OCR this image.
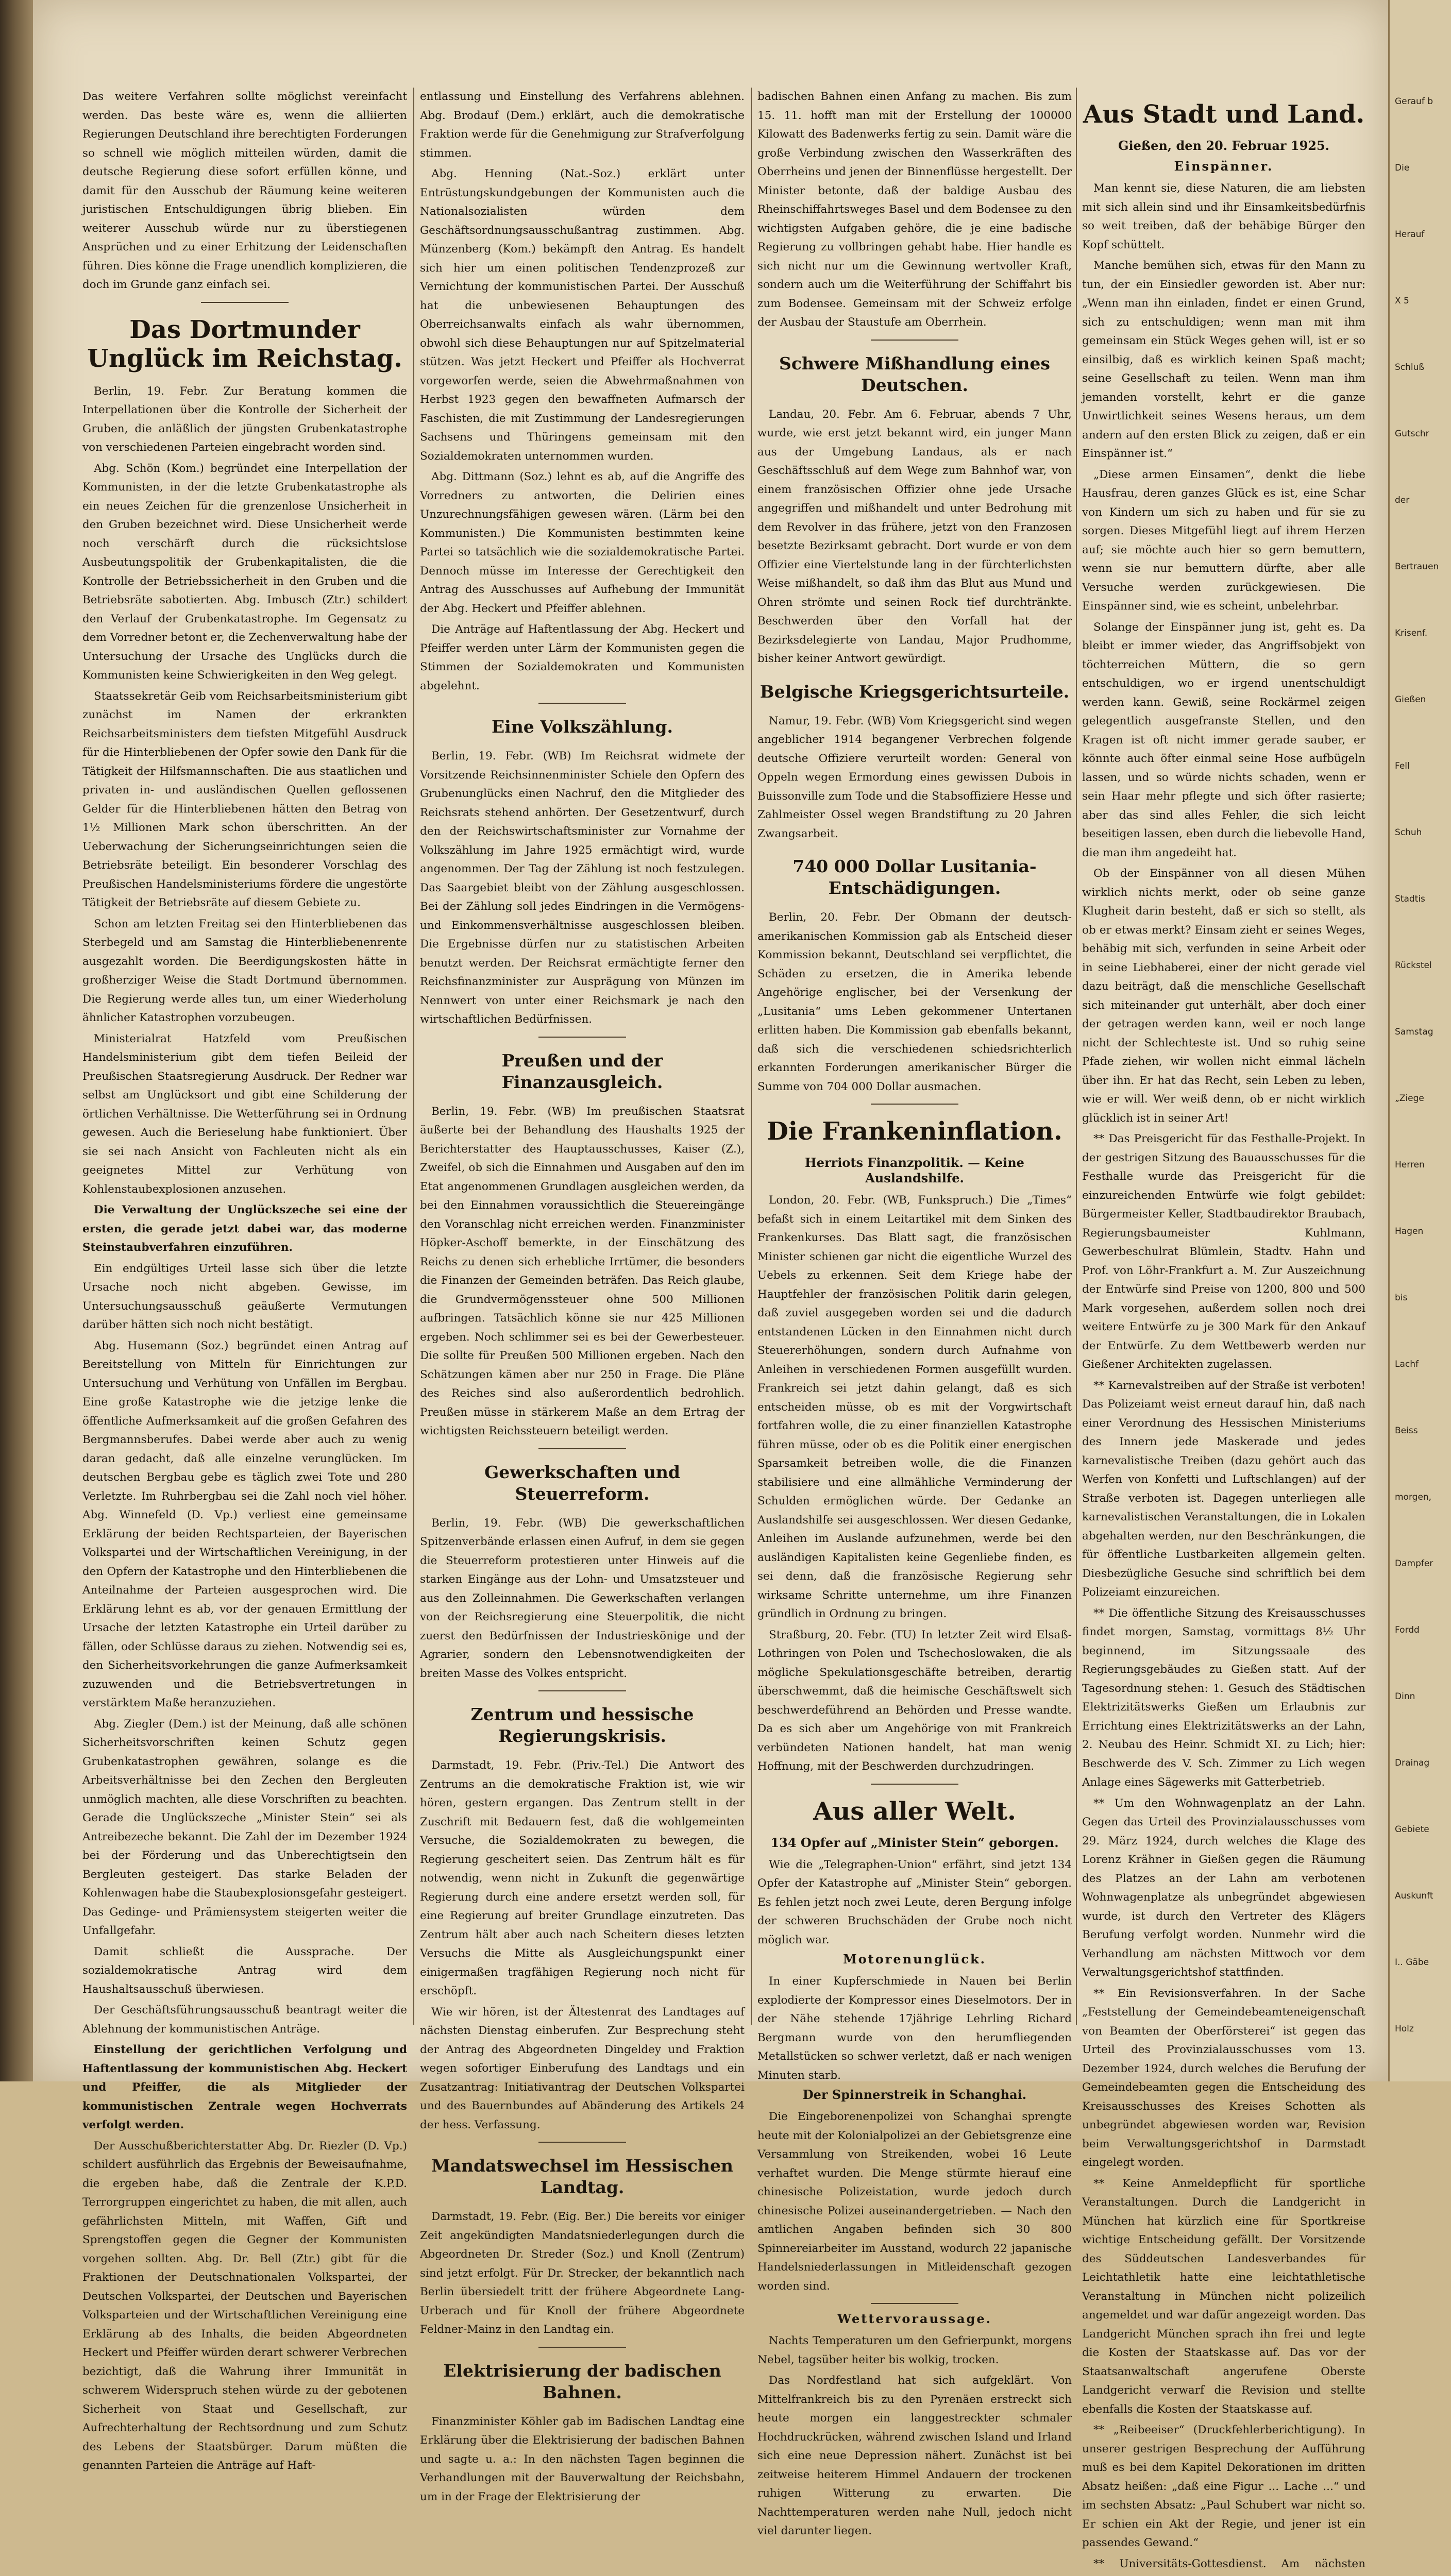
Das weitere Verfahren sollte möglichst vereinfacht werden. Das beste wäre es, wenn die alliierten Regierungen Deutschland ihre berechtigten Forderungen so schnell wie möglich mitteilen würden, damit die deutsche Regierung diese sofort erfüllen könne, und damit für den Ausschub der Räumung keine weiteren juristischen Entschuldigungen übrig blieben. Ein weiterer Ausschub würde nur zu überstiegenen Ansprüchen und zu einer Erhitzung der Leidenschaften führen. Dies könne die Frage unendlich komplizieren, die doch im Grunde ganz einfach sei.

Das Dortmunder Unglück im Reichstag.

Berlin, 19. Febr. Zur Beratung kommen die Interpellationen über die Kontrolle der Sicherheit der Gruben, die anläßlich der jüngsten Grubenkatastrophe von verschiedenen Parteien eingebracht worden sind.

Abg. Schön (Kom.) begründet eine Interpellation der Kommunisten, in der die letzte Grubenkatastrophe als ein neues Zeichen für die grenzenlose Unsicherheit in den Gruben bezeichnet wird. Diese Unsicherheit werde noch verschärft durch die rücksichtslose Ausbeutungspolitik der Grubenkapitalisten, die die Kontrolle der Betriebssicherheit in den Gruben und die Betriebsräte sabotierten. Abg. Imbusch (Ztr.) schildert den Verlauf der Grubenkatastrophe. Im Gegensatz zu dem Vorredner betont er, die Zechenverwaltung habe der Untersuchung der Ursache des Unglücks durch die Kommunisten keine Schwierigkeiten in den Weg gelegt.

Staatssekretär Geib vom Reichsarbeitsministerium gibt zunächst im Namen der erkrankten Reichsarbeitsministers dem tiefsten Mitgefühl Ausdruck für die Hinterbliebenen der Opfer sowie den Dank für die Tätigkeit der Hilfsmannschaften. Die aus staatlichen und privaten in- und ausländischen Quellen geflossenen Gelder für die Hinterbliebenen hätten den Betrag von 1½ Millionen Mark schon überschritten. An der Ueberwachung der Sicherungseinrichtungen seien die Betriebsräte beteiligt. Ein besonderer Vorschlag des Preußischen Handelsministeriums fördere die ungestörte Tätigkeit der Betriebsräte auf diesem Gebiete zu.

Schon am letzten Freitag sei den Hinterbliebenen das Sterbegeld und am Samstag die Hinterbliebenenrente ausgezahlt worden. Die Beerdigungskosten hätte in großherziger Weise die Stadt Dortmund übernommen. Die Regierung werde alles tun, um einer Wiederholung ähnlicher Katastrophen vorzubeugen.

Ministerialrat Hatzfeld vom Preußischen Handelsministerium gibt dem tiefen Beileid der Preußischen Staatsregierung Ausdruck. Der Redner war selbst am Unglücksort und gibt eine Schilderung der örtlichen Verhältnisse. Die Wetterführung sei in Ordnung gewesen. Auch die Berieselung habe funktioniert. Über sie sei nach Ansicht von Fachleuten nicht als ein geeignetes Mittel zur Verhütung von Kohlenstaubexplosionen anzusehen.

Die Verwaltung der Unglückszeche sei eine der ersten, die gerade jetzt dabei war, das moderne Steinstaubverfahren einzuführen.

Ein endgültiges Urteil lasse sich über die letzte Ursache noch nicht abgeben. Gewisse, im Untersuchungsausschuß geäußerte Vermutungen darüber hätten sich noch nicht bestätigt.

Abg. Husemann (Soz.) begründet einen Antrag auf Bereitstellung von Mitteln für Einrichtungen zur Untersuchung und Verhütung von Unfällen im Bergbau. Eine große Katastrophe wie die jetzige lenke die öffentliche Aufmerksamkeit auf die großen Gefahren des Bergmannsberufes. Dabei werde aber auch zu wenig daran gedacht, daß alle einzelne verunglücken. Im deutschen Bergbau gebe es täglich zwei Tote und 280 Verletzte. Im Ruhrbergbau sei die Zahl noch viel höher. Abg. Winnefeld (D. Vp.) verliest eine gemeinsame Erklärung der beiden Rechtsparteien, der Bayerischen Volkspartei und der Wirtschaftlichen Vereinigung, in der den Opfern der Katastrophe und den Hinterbliebenen die Anteilnahme der Parteien ausgesprochen wird. Die Erklärung lehnt es ab, vor der genauen Ermittlung der Ursache der letzten Katastrophe ein Urteil darüber zu fällen, oder Schlüsse daraus zu ziehen. Notwendig sei es, den Sicherheitsvorkehrungen die ganze Aufmerksamkeit zuzuwenden und die Betriebsvertretungen in verstärktem Maße heranzuziehen.

Abg. Ziegler (Dem.) ist der Meinung, daß alle schönen Sicherheitsvorschriften keinen Schutz gegen Grubenkatastrophen gewähren, solange es die Arbeitsverhältnisse bei den Zechen den Bergleuten unmöglich machten, alle diese Vorschriften zu beachten. Gerade die Unglückszeche „Minister Stein“ sei als Antreibezeche bekannt. Die Zahl der im Dezember 1924 bei der Förderung und das Unberechtigtsein den Bergleuten gesteigert. Das starke Beladen der Kohlenwagen habe die Staubexplosionsgefahr gesteigert. Das Gedinge- und Prämiensystem steigerten weiter die Unfallgefahr.

Damit schließt die Aussprache. Der sozialdemokratische Antrag wird dem Haushaltsausschuß überwiesen.

Der Geschäftsführungsausschuß beantragt weiter die Ablehnung der kommunistischen Anträge.

Einstellung der gerichtlichen Verfolgung und Haftentlassung der kommunistischen Abg. Heckert und Pfeiffer, die als Mitglieder der kommunistischen Zentrale wegen Hochverrats verfolgt werden.

Der Ausschußberichterstatter Abg. Dr. Riezler (D. Vp.) schildert ausführlich das Ergebnis der Beweisaufnahme, die ergeben habe, daß die Zentrale der K.P.D. Terrorgruppen eingerichtet zu haben, die mit allen, auch gefährlichsten Mitteln, mit Waffen, Gift und Sprengstoffen gegen die Gegner der Kommunisten vorgehen sollten. Abg. Dr. Bell (Ztr.) gibt für die Fraktionen der Deutschnationalen Volkspartei, der Deutschen Volkspartei, der Deutschen und Bayerischen Volksparteien und der Wirtschaftlichen Vereinigung eine Erklärung ab des Inhalts, die beiden Abgeordneten Heckert und Pfeiffer würden derart schwerer Verbrechen bezichtigt, daß die Wahrung ihrer Immunität in schwerem Widerspruch stehen würde zu der gebotenen Sicherheit von Staat und Gesellschaft, zur Aufrechterhaltung der Rechtsordnung und zum Schutz des Lebens der Staatsbürger. Darum müßten die genannten Parteien die Anträge auf Haft-

entlassung und Einstellung des Verfahrens ablehnen. Abg. Brodauf (Dem.) erklärt, auch die demokratische Fraktion werde für die Genehmigung zur Strafverfolgung stimmen.

Abg. Henning (Nat.-Soz.) erklärt unter Entrüstungskundgebungen der Kommunisten auch die Nationalsozialisten würden dem Geschäftsordnungsausschußantrag zustimmen. Abg. Münzenberg (Kom.) bekämpft den Antrag. Es handelt sich hier um einen politischen Tendenzprozeß zur Vernichtung der kommunistischen Partei. Der Ausschuß hat die unbewiesenen Behauptungen des Oberreichsanwalts einfach als wahr übernommen, obwohl sich diese Behauptungen nur auf Spitzelmaterial stützen. Was jetzt Heckert und Pfeiffer als Hochverrat vorgeworfen werde, seien die Abwehrmaßnahmen von Herbst 1923 gegen den bewaffneten Aufmarsch der Faschisten, die mit Zustimmung der Landesregierungen Sachsens und Thüringens gemeinsam mit den Sozialdemokraten unternommen wurden.

Abg. Dittmann (Soz.) lehnt es ab, auf die Angriffe des Vorredners zu antworten, die Delirien eines Unzurechnungsfähigen gewesen wären. (Lärm bei den Kommunisten.) Die Kommunisten bestimmten keine Partei so tatsächlich wie die sozialdemokratische Partei. Dennoch müsse im Interesse der Gerechtigkeit den Antrag des Ausschusses auf Aufhebung der Immunität der Abg. Heckert und Pfeiffer ablehnen.

Die Anträge auf Haftentlassung der Abg. Heckert und Pfeiffer werden unter Lärm der Kommunisten gegen die Stimmen der Sozialdemokraten und Kommunisten abgelehnt.

Eine Volkszählung.

Berlin, 19. Febr. (WB) Im Reichsrat widmete der Vorsitzende Reichsinnenminister Schiele den Opfern des Grubenunglücks einen Nachruf, den die Mitglieder des Reichsrats stehend anhörten. Der Gesetzentwurf, durch den der Reichswirtschaftsminister zur Vornahme der Volkszählung im Jahre 1925 ermächtigt wird, wurde angenommen. Der Tag der Zählung ist noch festzulegen. Das Saargebiet bleibt von der Zählung ausgeschlossen. Bei der Zählung soll jedes Eindringen in die Vermögens- und Einkommensverhältnisse ausgeschlossen bleiben. Die Ergebnisse dürfen nur zu statistischen Arbeiten benutzt werden. Der Reichsrat ermächtigte ferner den Reichsfinanzminister zur Ausprägung von Münzen im Nennwert von unter einer Reichsmark je nach den wirtschaftlichen Bedürfnissen.

Preußen und der Finanzausgleich.

Berlin, 19. Febr. (WB) Im preußischen Staatsrat äußerte bei der Behandlung des Haushalts 1925 der Berichterstatter des Hauptausschusses, Kaiser (Z.), Zweifel, ob sich die Einnahmen und Ausgaben auf den im Etat angenommenen Grundlagen ausgleichen werden, da bei den Einnahmen voraussichtlich die Steuereingänge den Voranschlag nicht erreichen werden. Finanzminister Höpker-Aschoff bemerkte, in der Einschätzung des Reichs zu denen sich erhebliche Irrtümer, die besonders die Finanzen der Gemeinden beträfen. Das Reich glaube, die Grundvermögenssteuer ohne 500 Millionen aufbringen. Tatsächlich könne sie nur 425 Millionen ergeben. Noch schlimmer sei es bei der Gewerbesteuer. Die sollte für Preußen 500 Millionen ergeben. Nach den Schätzungen kämen aber nur 250 in Frage. Die Pläne des Reiches sind also außerordentlich bedrohlich. Preußen müsse in stärkerem Maße an dem Ertrag der wichtigsten Reichssteuern beteiligt werden.

Gewerkschaften und Steuerreform.

Berlin, 19. Febr. (WB) Die gewerkschaftlichen Spitzenverbände erlassen einen Aufruf, in dem sie gegen die Steuerreform protestieren unter Hinweis auf die starken Eingänge aus der Lohn- und Umsatzsteuer und aus den Zolleinnahmen. Die Gewerkschaften verlangen von der Reichsregierung eine Steuerpolitik, die nicht zuerst den Bedürfnissen der Industrieskönige und der Agrarier, sondern den Lebensnotwendigkeiten der breiten Masse des Volkes entspricht.

Zentrum und hessische Regierungskrisis.

Darmstadt, 19. Febr. (Priv.-Tel.) Die Antwort des Zentrums an die demokratische Fraktion ist, wie wir hören, gestern ergangen. Das Zentrum stellt in der Zuschrift mit Bedauern fest, daß die wohlgemeinten Versuche, die Sozialdemokraten zu bewegen, die Regierung gescheitert seien. Das Zentrum hält es für notwendig, wenn nicht in Zukunft die gegenwärtige Regierung durch eine andere ersetzt werden soll, für eine Regierung auf breiter Grundlage einzutreten. Das Zentrum hält aber auch nach Scheitern dieses letzten Versuchs die Mitte als Ausgleichungspunkt einer einigermaßen tragfähigen Regierung noch nicht für erschöpft.

Wie wir hören, ist der Ältestenrat des Landtages auf nächsten Dienstag einberufen. Zur Besprechung steht der Antrag des Abgeordneten Dingeldey und Fraktion wegen sofortiger Einberufung des Landtags und ein Zusatzantrag: Initiativantrag der Deutschen Volkspartei und des Bauernbundes auf Abänderung des Artikels 24 der hess. Verfassung.

Mandatswechsel im Hessischen Landtag.

Darmstadt, 19. Febr. (Eig. Ber.) Die bereits vor einiger Zeit angekündigten Mandatsniederlegungen durch die Abgeordneten Dr. Streder (Soz.) und Knoll (Zentrum) sind jetzt erfolgt. Für Dr. Strecker, der bekanntlich nach Berlin übersiedelt tritt der frühere Abgeordnete Lang-Urberach und für Knoll der frühere Abgeordnete Feldner-Mainz in den Landtag ein.

Elektrisierung der badischen Bahnen.

Finanzminister Köhler gab im Badischen Landtag eine Erklärung über die Elektrisierung der badischen Bahnen und sagte u. a.: In den nächsten Tagen beginnen die Verhandlungen mit der Bauverwaltung der Reichsbahn, um in der Frage der Elektrisierung der

badischen Bahnen einen Anfang zu machen. Bis zum 15. 11. hofft man mit der Erstellung der 100000 Kilowatt des Badenwerks fertig zu sein. Damit wäre die große Verbindung zwischen den Wasserkräften des Oberrheins und jenen der Binnenflüsse hergestellt. Der Minister betonte, daß der baldige Ausbau des Rheinschiffahrtsweges Basel und dem Bodensee zu den wichtigsten Aufgaben gehöre, die je eine badische Regierung zu vollbringen gehabt habe. Hier handle es sich nicht nur um die Gewinnung wertvoller Kraft, sondern auch um die Weiterführung der Schiffahrt bis zum Bodensee. Gemeinsam mit der Schweiz erfolge der Ausbau der Staustufe am Oberrhein.

Schwere Mißhandlung eines Deutschen.

Landau, 20. Febr. Am 6. Februar, abends 7 Uhr, wurde, wie erst jetzt bekannt wird, ein junger Mann aus der Umgebung Landaus, als er nach Geschäftsschluß auf dem Wege zum Bahnhof war, von einem französischen Offizier ohne jede Ursache angegriffen und mißhandelt und unter Bedrohung mit dem Revolver in das frühere, jetzt von den Franzosen besetzte Bezirksamt gebracht. Dort wurde er von dem Offizier eine Viertelstunde lang in der fürchterlichsten Weise mißhandelt, so daß ihm das Blut aus Mund und Ohren strömte und seinen Rock tief durchtränkte. Beschwerden über den Vorfall hat der Bezirksdelegierte von Landau, Major Prudhomme, bisher keiner Antwort gewürdigt.

Belgische Kriegsgerichtsurteile.

Namur, 19. Febr. (WB) Vom Kriegsgericht sind wegen angeblicher 1914 begangener Verbrechen folgende deutsche Offiziere verurteilt worden: General von Oppeln wegen Ermordung eines gewissen Dubois in Buissonville zum Tode und die Stabsoffiziere Hesse und Zahlmeister Ossel wegen Brandstiftung zu 20 Jahren Zwangsarbeit.

740 000 Dollar Lusitania-Entschädigungen.

Berlin, 20. Febr. Der Obmann der deutsch-amerikanischen Kommission gab als Entscheid dieser Kommission bekannt, Deutschland sei verpflichtet, die Schäden zu ersetzen, die in Amerika lebende Angehörige englischer, bei der Versenkung der „Lusitania“ ums Leben gekommener Untertanen erlitten haben. Die Kommission gab ebenfalls bekannt, daß sich die verschiedenen schiedsrichterlich erkannten Forderungen amerikanischer Bürger die Summe von 704 000 Dollar ausmachen.

Die Frankeninflation.
Herriots Finanzpolitik. — Keine Auslandshilfe.

London, 20. Febr. (WB, Funkspruch.) Die „Times“ befaßt sich in einem Leitartikel mit dem Sinken des Frankenkurses. Das Blatt sagt, die französischen Minister schienen gar nicht die eigentliche Wurzel des Uebels zu erkennen. Seit dem Kriege habe der Hauptfehler der französischen Politik darin gelegen, daß zuviel ausgegeben worden sei und die dadurch entstandenen Lücken in den Einnahmen nicht durch Steuererhöhungen, sondern durch Aufnahme von Anleihen in verschiedenen Formen ausgefüllt wurden. Frankreich sei jetzt dahin gelangt, daß es sich entscheiden müsse, ob es mit der Vorgwirtschaft fortfahren wolle, die zu einer finanziellen Katastrophe führen müsse, oder ob es die Politik einer energischen Sparsamkeit betreiben wolle, die die Finanzen stabilisiere und eine allmähliche Verminderung der Schulden ermöglichen würde. Der Gedanke an Auslandshilfe sei ausgeschlossen. Wer diesen Gedanke, Anleihen im Auslande aufzunehmen, werde bei den ausländigen Kapitalisten keine Gegenliebe finden, es sei denn, daß die französische Regierung sehr wirksame Schritte unternehme, um ihre Finanzen gründlich in Ordnung zu bringen.

Straßburg, 20. Febr. (TU) In letzter Zeit wird Elsaß-Lothringen von Polen und Tschechoslowaken, die als mögliche Spekulationsgeschäfte betreiben, derartig überschwemmt, daß die heimische Geschäftswelt sich beschwerdeführend an Behörden und Presse wandte. Da es sich aber um Angehörige von mit Frankreich verbündeten Nationen handelt, hat man wenig Hoffnung, mit der Beschwerden durchzudringen.

Aus aller Welt.
134 Opfer auf „Minister Stein“ geborgen.

Wie die „Telegraphen-Union“ erfährt, sind jetzt 134 Opfer der Katastrophe auf „Minister Stein“ geborgen. Es fehlen jetzt noch zwei Leute, deren Bergung infolge der schweren Bruchschäden der Grube noch nicht möglich war.

Motorenunglück.

In einer Kupferschmiede in Nauen bei Berlin explodierte der Kompressor eines Dieselmotors. Der in der Nähe stehende 17jährige Lehrling Richard Bergmann wurde von den herumfliegenden Metallstücken so schwer verletzt, daß er nach wenigen Minuten starb.

Der Spinnerstreik in Schanghai.

Die Eingeborenenpolizei von Schanghai sprengte heute mit der Kolonialpolizei an der Gebietsgrenze eine Versammlung von Streikenden, wobei 16 Leute verhaftet wurden. Die Menge stürmte hierauf eine chinesische Polizeistation, wurde jedoch durch chinesische Polizei auseinandergetrieben. — Nach den amtlichen Angaben befinden sich 30 800 Spinnereiarbeiter im Ausstand, wodurch 22 japanische Handelsniederlassungen in Mitleidenschaft gezogen worden sind.

Wettervoraussage.

Nachts Temperaturen um den Gefrierpunkt, morgens Nebel, tagsüber heiter bis wolkig, trocken.

Das Nordfestland hat sich aufgeklärt. Von Mittelfrankreich bis zu den Pyrenäen erstreckt sich heute morgen ein langgestreckter schmaler Hochdruckrücken, während zwischen Island und Irland sich eine neue Depression nähert. Zunächst ist bei zeitweise heiterem Himmel Andauern der trockenen ruhigen Witterung zu erwarten. Die Nachttemperaturen werden nahe Null, jedoch nicht viel darunter liegen.

Aus Stadt und Land.
Gießen, den 20. Februar 1925.
Einspänner.

Man kennt sie, diese Naturen, die am liebsten mit sich allein sind und ihr Einsamkeitsbedürfnis so weit treiben, daß der behäbige Bürger den Kopf schüttelt.

Manche bemühen sich, etwas für den Mann zu tun, der ein Einsiedler geworden ist. Aber nur: „Wenn man ihn einladen, findet er einen Grund, sich zu entschuldigen; wenn man mit ihm gemeinsam ein Stück Weges gehen will, ist er so einsilbig, daß es wirklich keinen Spaß macht; seine Gesellschaft zu teilen. Wenn man ihm jemanden vorstellt, kehrt er die ganze Unwirtlichkeit seines Wesens heraus, um dem andern auf den ersten Blick zu zeigen, daß er ein Einspänner ist.“

„Diese armen Einsamen“, denkt die liebe Hausfrau, deren ganzes Glück es ist, eine Schar von Kindern um sich zu haben und für sie zu sorgen. Dieses Mitgefühl liegt auf ihrem Herzen auf; sie möchte auch hier so gern bemuttern, wenn sie nur bemuttern dürfte, aber alle Versuche werden zurückgewiesen. Die Einspänner sind, wie es scheint, unbelehrbar.

Solange der Einspänner jung ist, geht es. Da bleibt er immer wieder, das Angriffsobjekt von töchterreichen Müttern, die so gern entschuldigen, wo er irgend unentschuldigt werden kann. Gewiß, seine Rockärmel zeigen gelegentlich ausgefranste Stellen, und den Kragen ist oft nicht immer gerade sauber, er könnte auch öfter einmal seine Hose aufbügeln lassen, und so würde nichts schaden, wenn er sein Haar mehr pflegte und sich öfter rasierte; aber das sind alles Fehler, die sich leicht beseitigen lassen, eben durch die liebevolle Hand, die man ihm angedeiht hat.

Ob der Einspänner von all diesen Mühen wirklich nichts merkt, oder ob seine ganze Klugheit darin besteht, daß er sich so stellt, als ob er etwas merkt? Einsam zieht er seines Weges, behäbig mit sich, verfunden in seine Arbeit oder in seine Liebhaberei, einer der nicht gerade viel dazu beiträgt, daß die menschliche Gesellschaft sich miteinander gut unterhält, aber doch einer der getragen werden kann, weil er noch lange nicht der Schlechteste ist. Und so ruhig seine Pfade ziehen, wir wollen nicht einmal lächeln über ihn. Er hat das Recht, sein Leben zu leben, wie er will. Wer weiß denn, ob er nicht wirklich glücklich ist in seiner Art!

** Das Preisgericht für das Festhalle-Projekt. In der gestrigen Sitzung des Bauausschusses für die Festhalle wurde das Preisgericht für die einzureichenden Entwürfe wie folgt gebildet: Bürgermeister Keller, Stadtbaudirektor Braubach, Regierungsbaumeister Kuhlmann, Gewerbeschulrat Blümlein, Stadtv. Hahn und Prof. von Löhr-Frankfurt a. M. Zur Auszeichnung der Entwürfe sind Preise von 1200, 800 und 500 Mark vorgesehen, außerdem sollen noch drei weitere Entwürfe zu je 300 Mark für den Ankauf der Entwürfe. Zu dem Wettbewerb werden nur Gießener Architekten zugelassen.

** Karnevalstreiben auf der Straße ist verboten! Das Polizeiamt weist erneut darauf hin, daß nach einer Verordnung des Hessischen Ministeriums des Innern jede Maskerade und jedes karnevalistische Treiben (dazu gehört auch das Werfen von Konfetti und Luftschlangen) auf der Straße verboten ist. Dagegen unterliegen alle karnevalistischen Veranstaltungen, die in Lokalen abgehalten werden, nur den Beschränkungen, die für öffentliche Lustbarkeiten allgemein gelten. Diesbezügliche Gesuche sind schriftlich bei dem Polizeiamt einzureichen.

** Die öffentliche Sitzung des Kreisausschusses findet morgen, Samstag, vormittags 8½ Uhr beginnend, im Sitzungssaale des Regierungsgebäudes zu Gießen statt. Auf der Tagesordnung stehen: 1. Gesuch des Städtischen Elektrizitätswerks Gießen um Erlaubnis zur Errichtung eines Elektrizitätswerks an der Lahn, 2. Neubau des Heinr. Schmidt XI. zu Lich; hier: Beschwerde des V. Sch. Zimmer zu Lich wegen Anlage eines Sägewerks mit Gatterbetrieb.

** Um den Wohnwagenplatz an der Lahn. Gegen das Urteil des Provinzialausschusses vom 29. März 1924, durch welches die Klage des Lorenz Krähner in Gießen gegen die Räumung des Platzes an der Lahn am verbotenen Wohnwagenplatze als unbegründet abgewiesen wurde, ist durch den Vertreter des Klägers Berufung verfolgt worden. Nunmehr wird die Verhandlung am nächsten Mittwoch vor dem Verwaltungsgerichtshof stattfinden.

** Ein Revisionsverfahren. In der Sache „Feststellung der Gemeindebeamteneigenschaft von Beamten der Oberförsterei“ ist gegen das Urteil des Provinzialausschusses vom 13. Dezember 1924, durch welches die Berufung der Gemeindebeamten gegen die Entscheidung des Kreisausschusses des Kreises Schotten als unbegründet abgewiesen worden war, Revision beim Verwaltungsgerichtshof in Darmstadt eingelegt worden.

** Keine Anmeldepflicht für sportliche Veranstaltungen. Durch die Landgericht in München hat kürzlich eine für Sportkreise wichtige Entscheidung gefällt. Der Vorsitzende des Süddeutschen Landesverbandes für Leichtathletik hatte eine leichtathletische Veranstaltung in München nicht polizeilich angemeldet und war dafür angezeigt worden. Das Landgericht München sprach ihn frei und legte die Kosten der Staatskasse auf. Das vor der Staatsanwaltschaft angerufene Oberste Landgericht verwarf die Revision und stellte ebenfalls die Kosten der Staatskasse auf.

** „Reibeeiser“ (Druckfehlerberichtigung). In unserer gestrigen Besprechung der Aufführung muß es bei dem Kapitel Dekorationen im dritten Absatz heißen: „daß eine Figur ... Lache ...“ und im sechsten Absatz: „Paul Schubert war nicht so. Er schien ein Akt der Regie, und jener ist ein passendes Gewand.“

** Universitäts-Gottesdienst. Am nächsten

Gerauf b
Die
Herauf
X 5
Schluß
Gutschr
der
Bertrauen
Krisenf.
Gießen
Fell
Schuh
Stadtis
Rückstel
Samstag
„Ziege
Herren
Hagen
bis
Lachf
Beiss
morgen,
Dampfer
Fordd
Dinn
Drainag
Gebiete
Auskunft
I.. Gäbe
Holz
